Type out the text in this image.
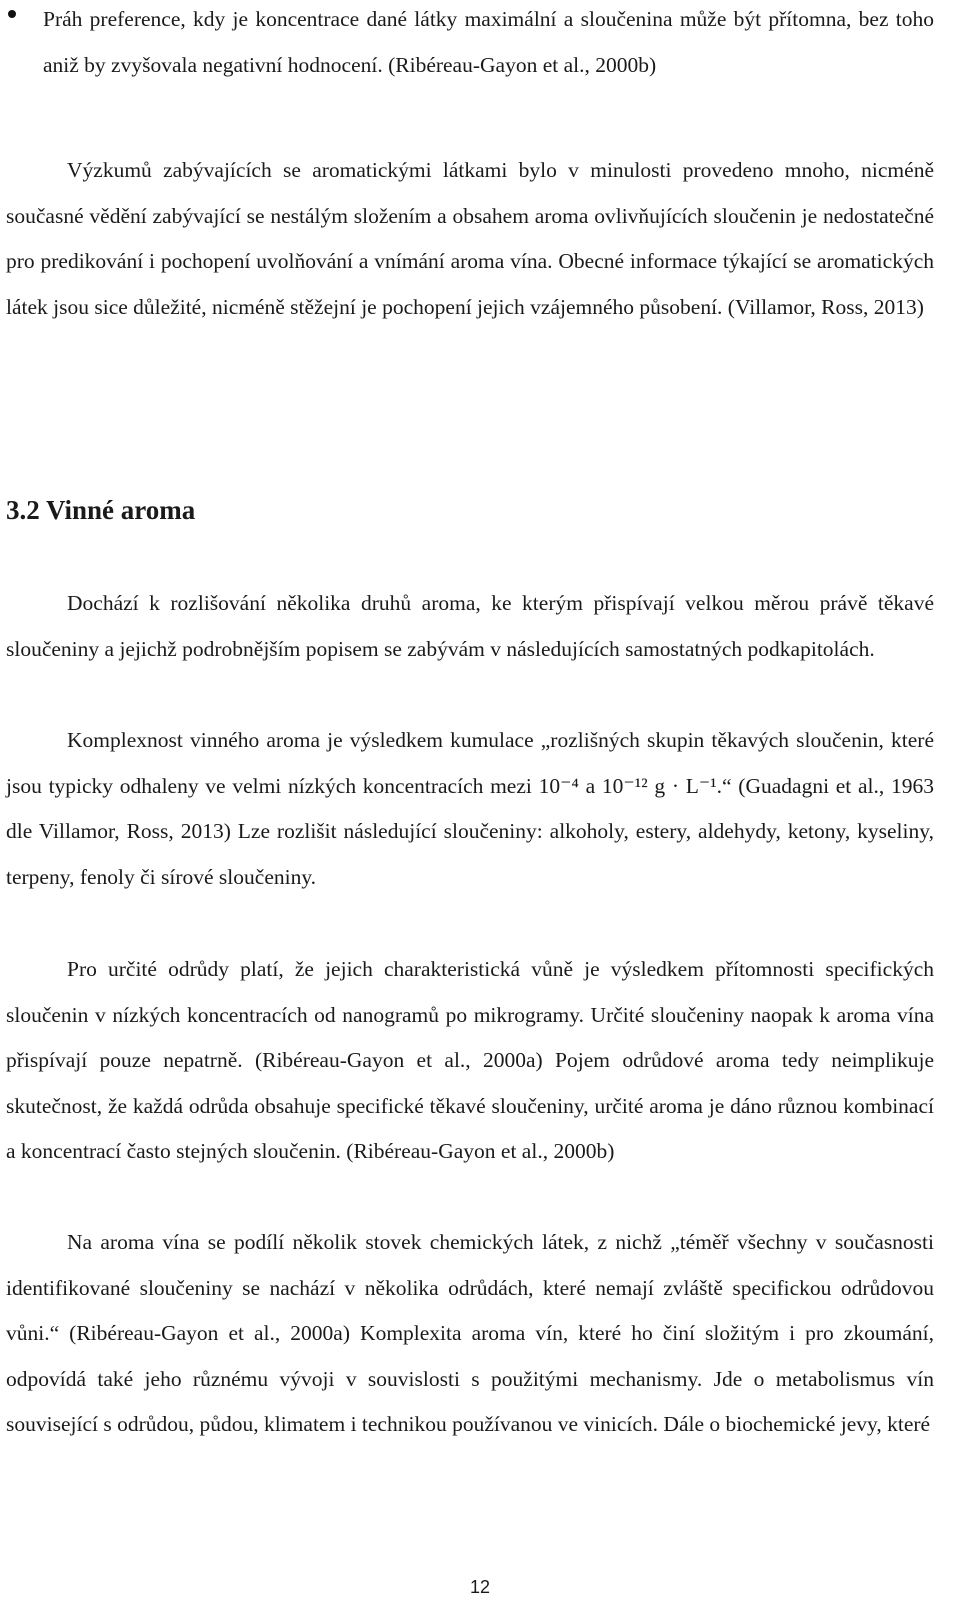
Práh preference, kdy je koncentrace dané látky maximální a sloučenina může být přítomna, bez toho aniž by zvyšovala negativní hodnocení. (Ribéreau-Gayon et al., 2000b)

Výzkumů zabývajících se aromatickými látkami bylo v minulosti provedeno mnoho, nicméně současné vědění zabývající se nestálým složením a obsahem aroma ovlivňujících sloučenin je nedostatečné pro predikování i pochopení uvolňování a vnímání aroma vína. Obecné informace týkající se aromatických látek jsou sice důležité, nicméně stěžejní je pochopení jejich vzájemného působení. (Villamor, Ross, 2013)

3.2 Vinné aroma

Dochází k rozlišování několika druhů aroma, ke kterým přispívají velkou měrou právě těkavé sloučeniny a jejichž podrobnějším popisem se zabývám v následujících samostatných podkapitolách.

Komplexnost vinného aroma je výsledkem kumulace „rozlišných skupin těkavých sloučenin, které jsou typicky odhaleny ve velmi nízkých koncentracích mezi 10⁻⁴ a 10⁻¹² g · L⁻¹.“ (Guadagni et al., 1963 dle Villamor, Ross, 2013) Lze rozlišit následující sloučeniny: alkoholy, estery, aldehydy, ketony, kyseliny, terpeny, fenoly či sírové sloučeniny.

Pro určité odrůdy platí, že jejich charakteristická vůně je výsledkem přítomnosti specifických sloučenin v nízkých koncentracích od nanogramů po mikrogramy. Určité sloučeniny naopak k aroma vína přispívají pouze nepatrně. (Ribéreau-Gayon et al., 2000a) Pojem odrůdové aroma tedy neimplikuje skutečnost, že každá odrůda obsahuje specifické těkavé sloučeniny, určité aroma je dáno různou kombinací a koncentrací často stejných sloučenin. (Ribéreau-Gayon et al., 2000b)

Na aroma vína se podílí několik stovek chemických látek, z nichž „téměř všechny v současnosti identifikované sloučeniny se nachází v několika odrůdách, které nemají zvláště specifickou odrůdovou vůni.“ (Ribéreau-Gayon et al., 2000a) Komplexita aroma vín, které ho činí složitým i pro zkoumání, odpovídá také jeho různému vývoji v souvislosti s použitými mechanismy. Jde o metabolismus vín související s odrůdou, půdou, klimatem i technikou používanou ve vinicích. Dále o biochemické jevy, které

12
